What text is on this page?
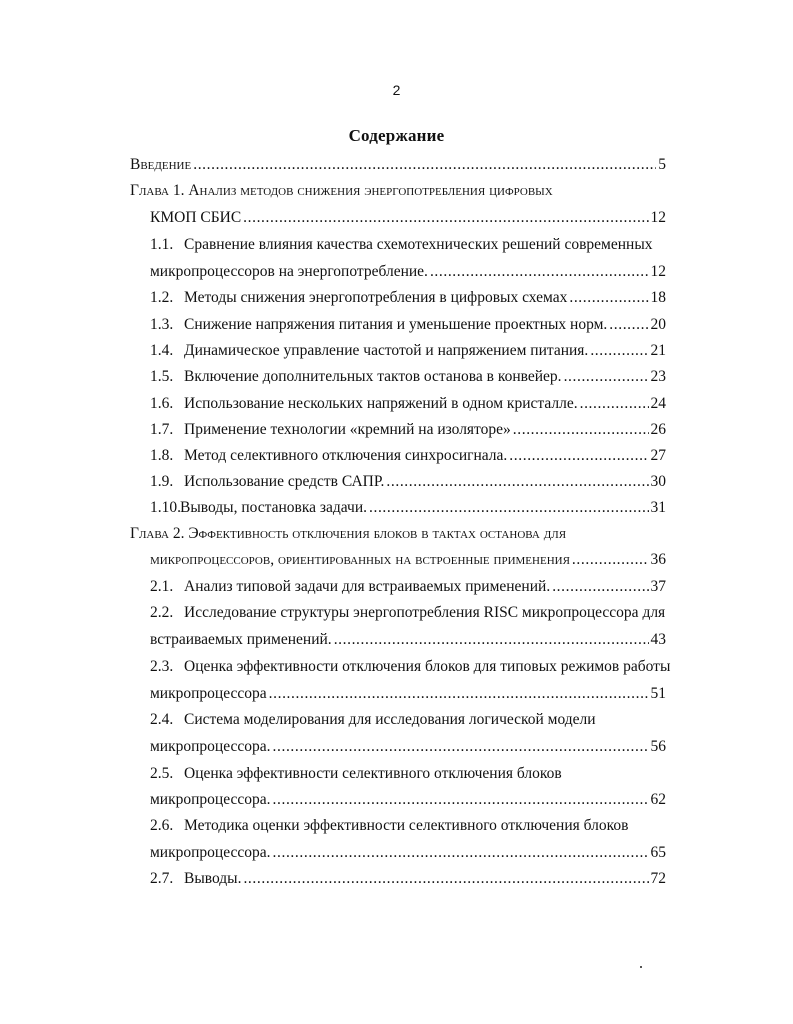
2
Содержание
Введение .....	5
Глава 1. Анализ методов снижения энергопотребления цифровых
КМОП СБИС .....	12
1.1. Сравнение влияния качества схемотехнических решений современных
микропроцессоров на энергопотребление. .....	12
1.2. Методы снижения энергопотребления в цифровых схемах .....	18
1.3. Снижение напряжения питания и уменьшение проектных норм. .....	20
1.4. Динамическое управление частотой и напряжением питания. .....	21
1.5. Включение дополнительных тактов останова в конвейер. .....	23
1.6. Использование нескольких напряжений в одном кристалле. .....	24
1.7. Применение технологии «кремний на изоляторе» .....	26
1.8. Метод селективного отключения синхросигнала. .....	27
1.9. Использование средств САПР. .....	30
1.10.Выводы, постановка задачи. .....	31
Глава 2. Эффективность отключения блоков в тактах останова для
микропроцессоров, ориентированных на встроенные применения .....	36
2.1. Анализ типовой задачи для встраиваемых применений. .....	37
2.2. Исследование структуры энергопотребления RISC микропроцессора для
встраиваемых применений. .....	43
2.3. Оценка эффективности отключения блоков для типовых режимов работы
микропроцессора .....	51
2.4. Система моделирования для исследования логической модели
микропроцессора. .....	56
2.5. Оценка эффективности селективного отключения блоков
микропроцессора. .....	62
2.6. Методика оценки эффективности селективного отключения блоков
микропроцессора. .....	65
2.7. Выводы. .....	72
